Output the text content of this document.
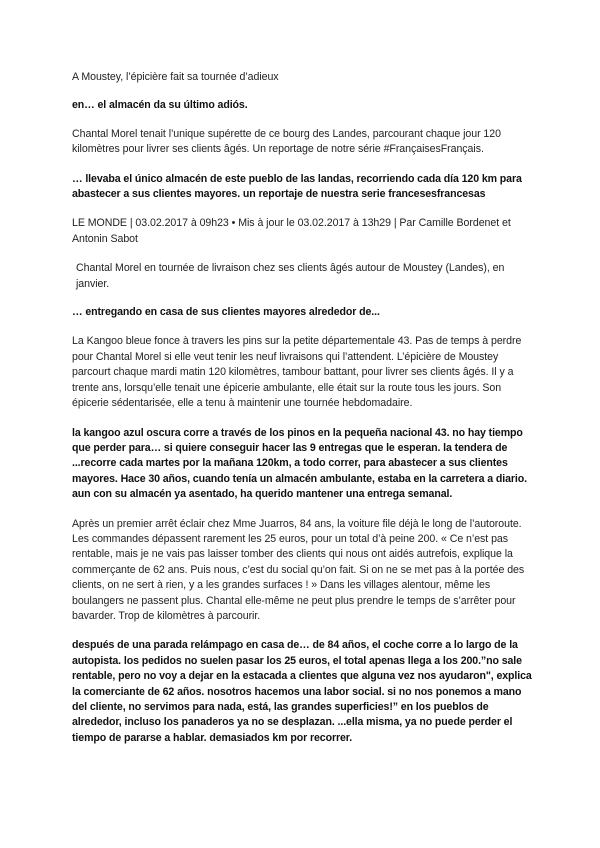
A Moustey, l’épicière fait sa tournée d’adieux

en… el almacén da su último adiós.

Chantal Morel tenait l’unique supérette de ce bourg des Landes, parcourant chaque jour 120 kilomètres pour livrer ses clients âgés. Un reportage de notre série #FrançaisesFrançais.

… llevaba el único almacén de este pueblo de las landas, recorriendo cada día 120 km para abastecer a sus clientes mayores. un reportaje de nuestra serie francesesfrancesas

LE MONDE | 03.02.2017 à 09h23 • Mis à jour le 03.02.2017 à 13h29 | Par Camille Bordenet et Antonin Sabot

Chantal Morel en tournée de livraison chez ses clients âgés autour de Moustey (Landes), en janvier.

… entregando en casa de sus clientes mayores alrededor de...

La Kangoo bleue fonce à travers les pins sur la petite départementale 43. Pas de temps à perdre pour Chantal Morel si elle veut tenir les neuf livraisons qui l’attendent. L’épicière de Moustey parcourt chaque mardi matin 120 kilomètres, tambour battant, pour livrer ses clients âgés. Il y a trente ans, lorsqu’elle tenait une épicerie ambulante, elle était sur la route tous les jours. Son épicerie sédentarisée, elle a tenu à maintenir une tournée hebdomadaire.

la kangoo azul oscura corre a través de los pinos en la pequeña nacional 43. no hay tiempo que perder para… si quiere conseguir hacer las 9 entregas que le esperan. la tendera de ...recorre cada martes por la mañana 120km, a todo correr, para abastecer a sus clientes mayores. Hace 30 años, cuando tenía un almacén ambulante, estaba en la carretera a diario. aun con su almacén ya asentado, ha querido mantener una entrega semanal.

Après un premier arrêt éclair chez Mme Juarros, 84 ans, la voiture file déjà le long de l’autoroute. Les commandes dépassent rarement les 25 euros, pour un total d’à peine 200. « Ce n’est pas rentable, mais je ne vais pas laisser tomber des clients qui nous ont aidés autrefois, explique la commerçante de 62 ans. Puis nous, c’est du social qu’on fait. Si on ne se met pas à la portée des clients, on ne sert à rien, y a les grandes surfaces ! » Dans les villages alentour, même les boulangers ne passent plus. Chantal elle-même ne peut plus prendre le temps de s’arrêter pour bavarder. Trop de kilomètres à parcourir.

después de una parada relámpago en casa de… de 84 años, el coche corre a lo largo de la autopista. los pedidos no suelen pasar los 25 euros, el total apenas llega a los 200.”no sale rentable, pero no voy a dejar en la estacada a clientes que alguna vez nos ayudaron", explica la comerciante de 62 años. nosotros hacemos una labor social. si no nos ponemos a mano del cliente, no servimos para nada, está, las grandes superficies!” en los pueblos de alrededor, incluso los panaderos ya no se desplazan. ...ella misma, ya no puede perder el tiempo de pararse a hablar. demasiados km por recorrer.
